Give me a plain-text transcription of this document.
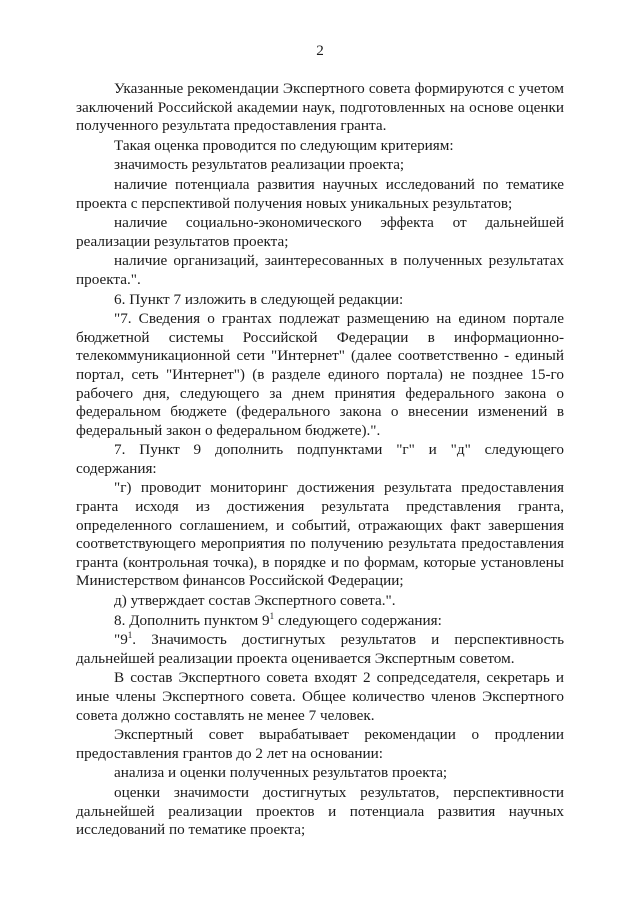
2

Указанные рекомендации Экспертного совета формируются с учетом заключений Российской академии наук, подготовленных на основе оценки полученного результата предоставления гранта.

Такая оценка проводится по следующим критериям:

значимость результатов реализации проекта;

наличие потенциала развития научных исследований по тематике проекта с перспективой получения новых уникальных результатов;

наличие социально-экономического эффекта от дальнейшей реализации результатов проекта;

наличие организаций, заинтересованных в полученных результатах проекта.".

6. Пункт 7 изложить в следующей редакции:

"7. Сведения о грантах подлежат размещению на едином портале бюджетной системы Российской Федерации в информационно-телекоммуникационной сети "Интернет" (далее соответственно - единый портал, сеть "Интернет") (в разделе единого портала) не позднее 15-го рабочего дня, следующего за днем принятия федерального закона о федеральном бюджете (федерального закона о внесении изменений в федеральный закон о федеральном бюджете).".

7. Пункт 9 дополнить подпунктами "г" и "д" следующего содержания:

"г) проводит мониторинг достижения результата предоставления гранта исходя из достижения результата представления гранта, определенного соглашением, и событий, отражающих факт завершения соответствующего мероприятия по получению результата предоставления гранта (контрольная точка), в порядке и по формам, которые установлены Министерством финансов Российской Федерации;

д) утверждает состав Экспертного совета.".

8. Дополнить пунктом $9^1$ следующего содержания:

"$9^1$. Значимость достигнутых результатов и перспективность дальнейшей реализации проекта оценивается Экспертным советом.

В состав Экспертного совета входят 2 сопредседателя, секретарь и иные члены Экспертного совета. Общее количество членов Экспертного совета должно составлять не менее 7 человек.

Экспертный совет вырабатывает рекомендации о продлении предоставления грантов до 2 лет на основании:

анализа и оценки полученных результатов проекта;

оценки значимости достигнутых результатов, перспективности дальнейшей реализации проектов и потенциала развития научных исследований по тематике проекта;
